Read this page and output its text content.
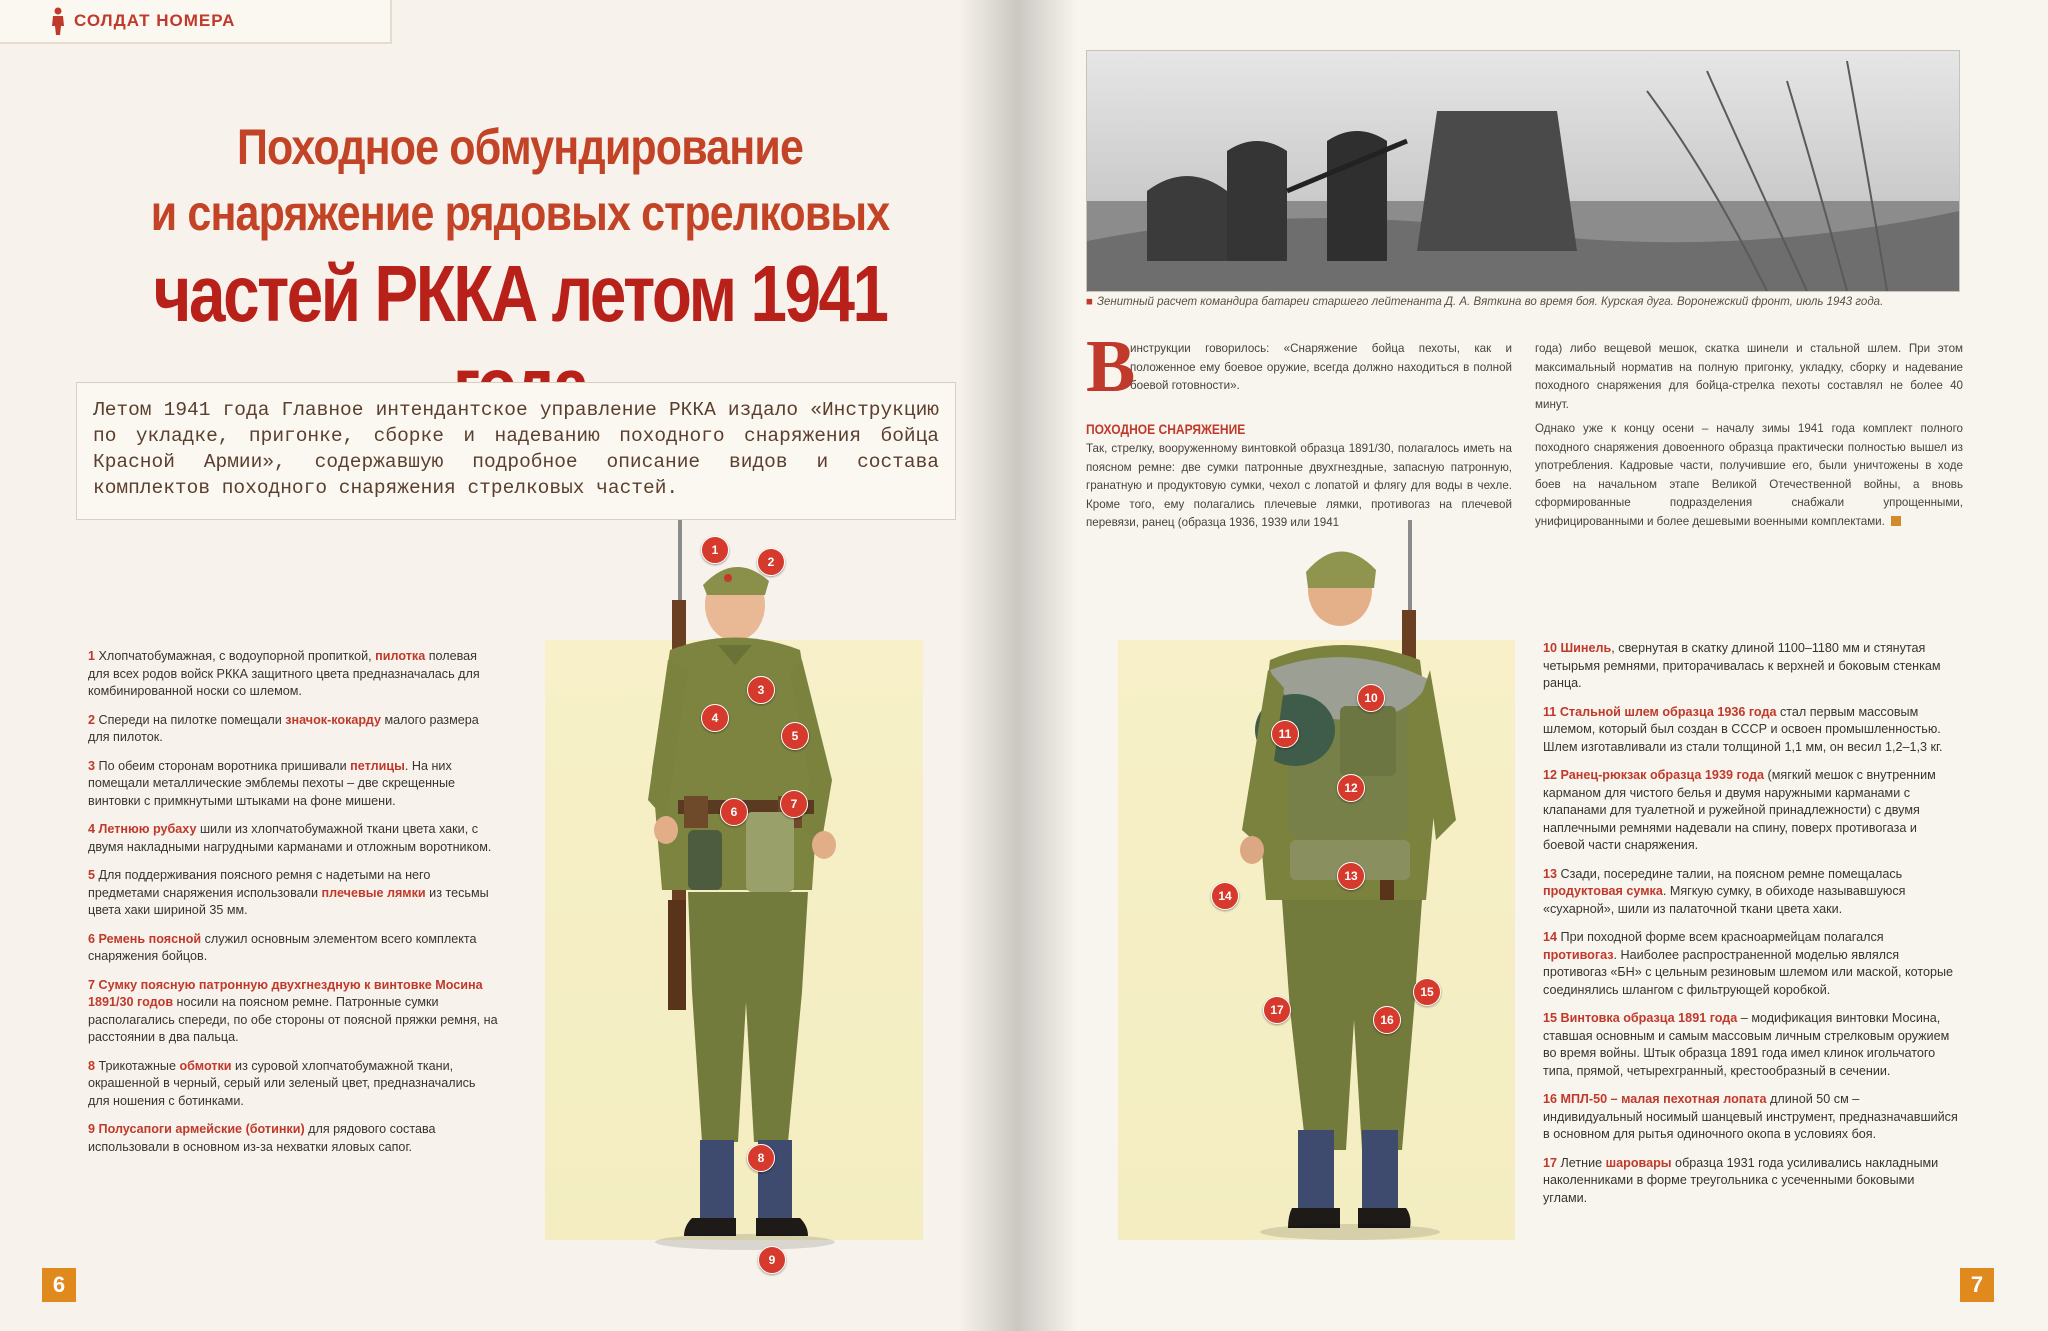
СОЛДАТ НОМЕРА
Походное обмундирование
и снаряжение рядовых стрелковых
частей РККА летом 1941
Летом 1941 года Главное интендантское управление РККА издало «Инструкцию по укладке, пригонке, сборке и надеванию походного снаряжения бойца Красной Армии», содержавшую подробное описание видов и состава комплектов походного снаряжения стрелковых частей.
1
2
3
4
5
6
7
8
9
1 Хлопчатобумажная, с водоупорной пропиткой, пилотка полевая для всех родов войск РККА защитного цвета предназначалась для комбинированной носки со шлемом.
2 Спереди на пилотке помещали значок-кокарду малого размера для пилоток.
3 По обеим сторонам воротника пришивали петлицы. На них помещали металлические эмблемы пехоты – две скрещенные винтовки с примкнутыми штыками на фоне мишени.
4 Летнюю рубаху шили из хлопчатобумажной ткани цвета хаки, с двумя накладными нагрудными карманами и отложным воротником.
5 Для поддерживания поясного ремня с надетыми на него предметами снаряжения использовали плечевые лямки из тесьмы цвета хаки шириной 35 мм.
6 Ремень поясной служил основным элементом всего комплекта снаряжения бойцов.
7 Сумку поясную патронную двухгнездную к винтовке Мосина 1891/30 годов носили на поясном ремне. Патронные сумки располагались спереди, по обе стороны от поясной пряжки ремня, на расстоянии в два пальца.
8 Трикотажные обмотки из суровой хлопчатобумажной ткани, окрашенной в черный, серый или зеленый цвет, предназначались для ношения с ботинками.
9 Полусапоги армейские (ботинки) для рядового состава использовали в основном из-за нехватки яловых сапог.
6
■ Зенитный расчет командира батареи старшего лейтенанта Д. А. Вяткина во время боя. Курская дуга. Воронежский фронт, июль 1943 года.
В
инструкции говорилось: «Снаряжение бойца пехоты, как и положенное ему боевое оружие, всегда должно находиться в полной боевой готовности».
ПОХОДНОЕ СНАРЯЖЕНИЕ
Так, стрелку, вооруженному винтовкой образца 1891/30, полагалось иметь на поясном ремне: две сумки патронные двухгнездные, запасную патронную, гранатную и продуктовую сумки, чехол с лопатой и флягу для воды в чехле. Кроме того, ему полагались плечевые лямки, противогаз на плечевой перевязи, ранец (образца 1936, 1939 или 1941
года) либо вещевой мешок, скатка шинели и стальной шлем. При этом максимальный норматив на полную пригонку, укладку, сборку и надевание походного снаряжения для бойца-стрелка пехоты составлял не более 40 минут.
Однако уже к концу осени – началу зимы 1941 года комплект полного походного снаряжения довоенного образца практически полностью вышел из употребления. Кадровые части, получившие его, были уничтожены в ходе боев на начальном этапе Великой Отечественной войны, а вновь сформированные подразделения снабжали упрощенными, унифицированными и более дешевыми военными комплектами.
10
11
12
13
14
15
16
17
10 Шинель, свернутая в скатку длиной 1100–1180 мм и стянутая четырьмя ремнями, приторачивалась к верхней и боковым стенкам ранца.
11 Стальной шлем образца 1936 года стал первым массовым шлемом, который был создан в СССР и освоен промышленностью. Шлем изготавливали из стали толщиной 1,1 мм, он весил 1,2–1,3 кг.
12 Ранец-рюкзак образца 1939 года (мягкий мешок с внутренним карманом для чистого белья и двумя наружными карманами с клапанами для туалетной и ружейной принадлежности) с двумя наплечными ремнями надевали на спину, поверх противогаза и боевой части снаряжения.
13 Сзади, посередине талии, на поясном ремне помещалась продуктовая сумка. Мягкую сумку, в обиходе называвшуюся «сухарной», шили из палаточной ткани цвета хаки.
14 При походной форме всем красноармейцам полагался противогаз. Наиболее распространенной моделью являлся противогаз «БН» с цельным резиновым шлемом или маской, которые соединялись шлангом с фильтрующей коробкой.
15 Винтовка образца 1891 года – модификация винтовки Мосина, ставшая основным и самым массовым личным стрелковым оружием во время войны. Штык образца 1891 года имел клинок игольчатого типа, прямой, четырехгранный, крестообразный в сечении.
16 МПЛ-50 – малая пехотная лопата длиной 50 см – индивидуальный носимый шанцевый инструмент, предназначавшийся в основном для рытья одиночного окопа в условиях боя.
17 Летние шаровары образца 1931 года усиливались накладными наколенниками в форме треугольника с усеченными боковыми углами.
7
